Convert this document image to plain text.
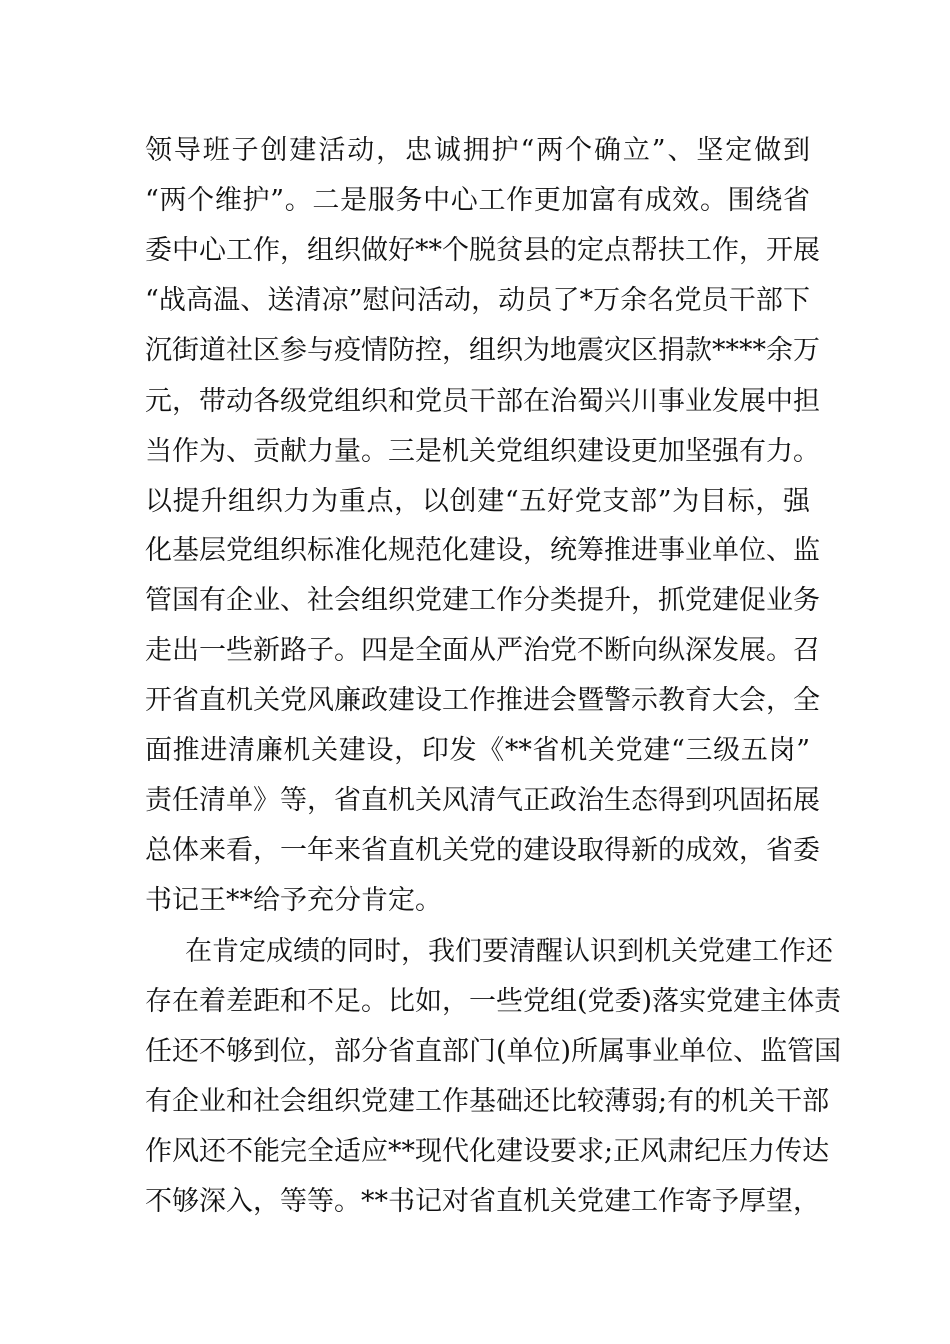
领导班子创建活动，忠诚拥护“两个确立”、坚定做到
“两个维护”。二是服务中心工作更加富有成效。围绕省
委中心工作，组织做好**个脱贫县的定点帮扶工作，开展
“战高温、送清凉”慰问活动，动员了*万余名党员干部下
沉街道社区参与疫情防控，组织为地震灾区捐款****余万
元，带动各级党组织和党员干部在治蜀兴川事业发展中担
当作为、贡献力量。三是机关党组织建设更加坚强有力。
以提升组织力为重点，以创建“五好党支部”为目标，强
化基层党组织标准化规范化建设，统筹推进事业单位、监
管国有企业、社会组织党建工作分类提升，抓党建促业务
走出一些新路子。四是全面从严治党不断向纵深发展。召
开省直机关党风廉政建设工作推进会暨警示教育大会，全
面推进清廉机关建设，印发《**省机关党建“三级五岗”
责任清单》等，省直机关风清气正政治生态得到巩固拓展
总体来看，一年来省直机关党的建设取得新的成效，省委
书记王**给予充分肯定。
在肯定成绩的同时，我们要清醒认识到机关党建工作还
存在着差距和不足。比如，一些党组(党委)落实党建主体责
任还不够到位，部分省直部门(单位)所属事业单位、监管国
有企业和社会组织党建工作基础还比较薄弱;有的机关干部
作风还不能完全适应**现代化建设要求;正风肃纪压力传达
不够深入，等等。**书记对省直机关党建工作寄予厚望，
